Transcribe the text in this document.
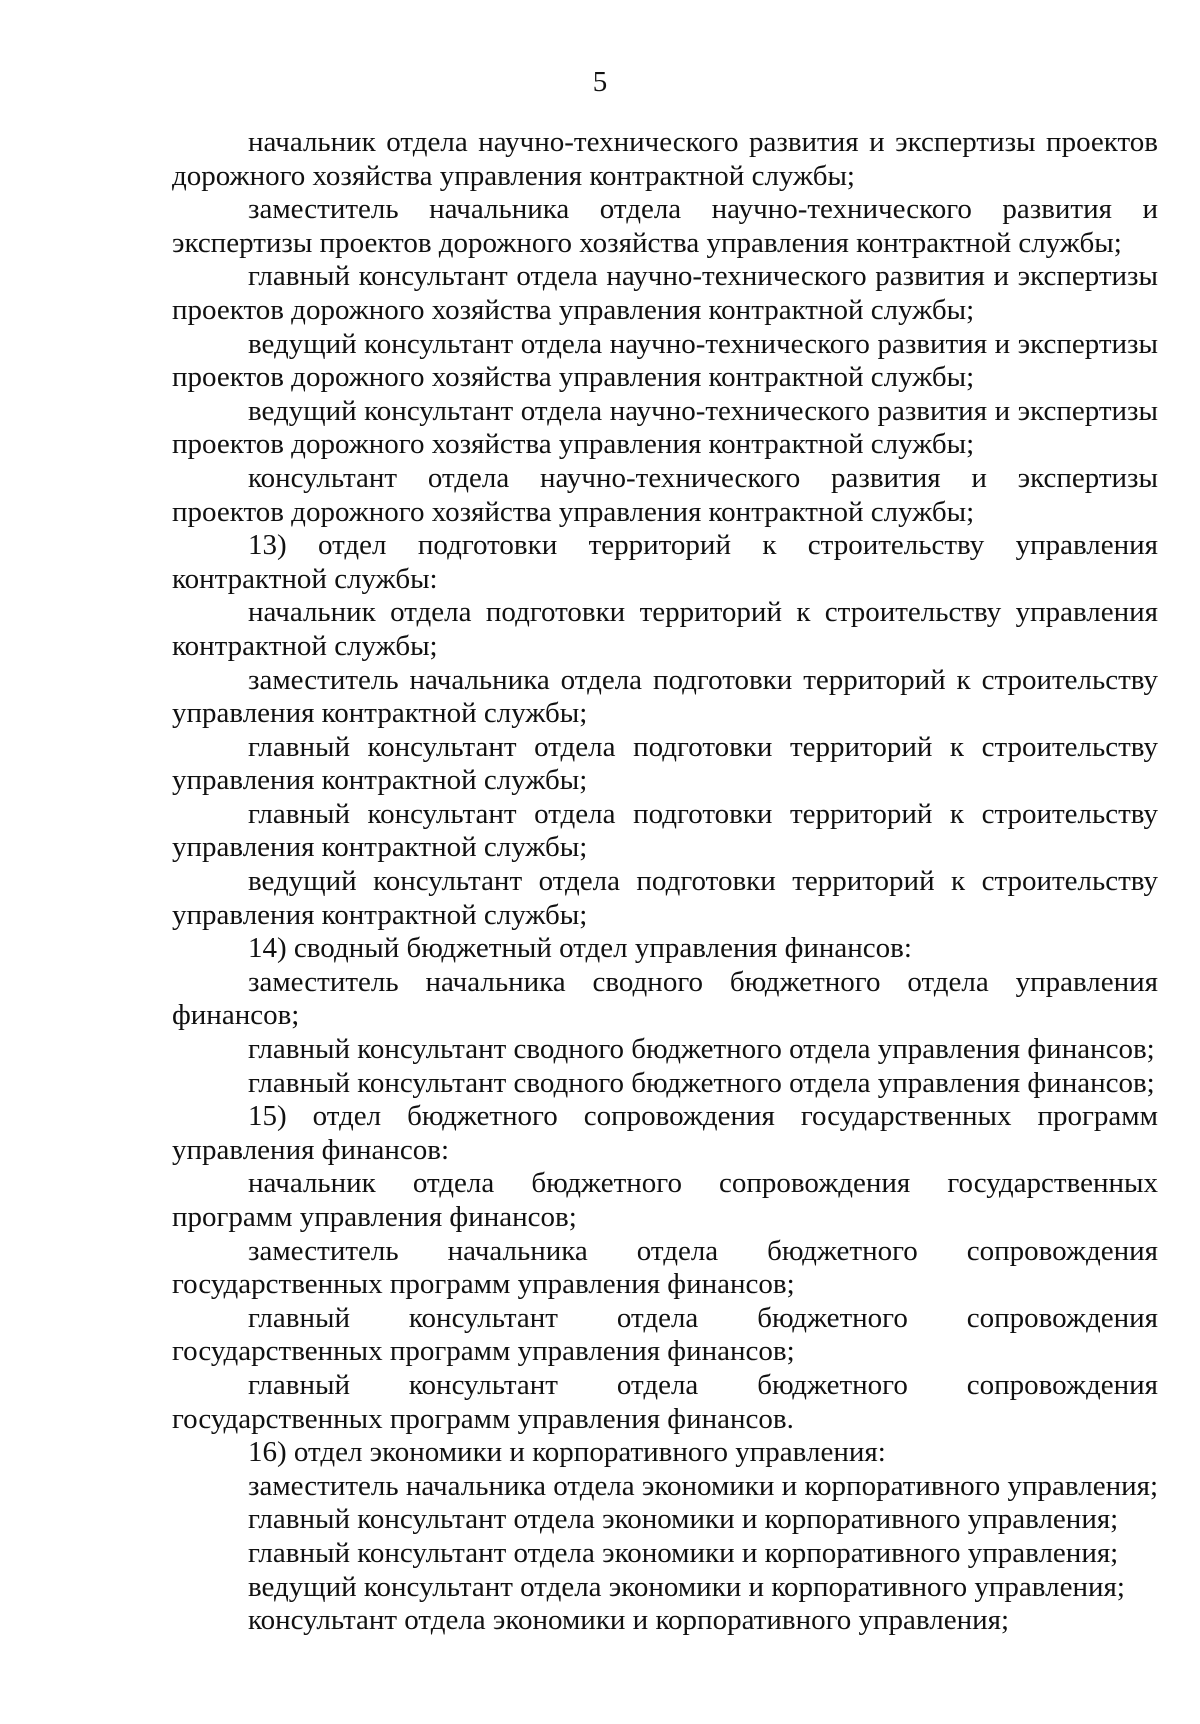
5

начальник отдела научно-технического развития и экспертизы проектов дорожного хозяйства управления контрактной службы;

заместитель начальника отдела научно-технического развития и экспертизы проектов дорожного хозяйства управления контрактной службы;

главный консультант отдела научно-технического развития и экспертизы проектов дорожного хозяйства управления контрактной службы;

ведущий консультант отдела научно-технического развития и экспертизы проектов дорожного хозяйства управления контрактной службы;

ведущий консультант отдела научно-технического развития и экспертизы проектов дорожного хозяйства управления контрактной службы;

консультант отдела научно-технического развития и экспертизы проектов дорожного хозяйства управления контрактной службы;

13) отдел подготовки территорий к строительству управления контрактной службы:

начальник отдела подготовки территорий к строительству управления контрактной службы;

заместитель начальника отдела подготовки территорий к строительству управления контрактной службы;

главный консультант отдела подготовки территорий к строительству управления контрактной службы;

главный консультант отдела подготовки территорий к строительству управления контрактной службы;

ведущий консультант отдела подготовки территорий к строительству управления контрактной службы;

14) сводный бюджетный отдел управления финансов:

заместитель начальника сводного бюджетного отдела управления финансов;

главный консультант сводного бюджетного отдела управления финансов;

главный консультант сводного бюджетного отдела управления финансов;

15) отдел бюджетного сопровождения государственных программ управления финансов:

начальник отдела бюджетного сопровождения государственных программ управления финансов;

заместитель начальника отдела бюджетного сопровождения государственных программ управления финансов;

главный консультант отдела бюджетного сопровождения государственных программ управления финансов;

главный консультант отдела бюджетного сопровождения государственных программ управления финансов.

16) отдел экономики и корпоративного управления:

заместитель начальника отдела экономики и корпоративного управления;

главный консультант отдела экономики и корпоративного управления;

главный консультант отдела экономики и корпоративного управления;

ведущий консультант отдела экономики и корпоративного управления;

консультант отдела экономики и корпоративного управления;
